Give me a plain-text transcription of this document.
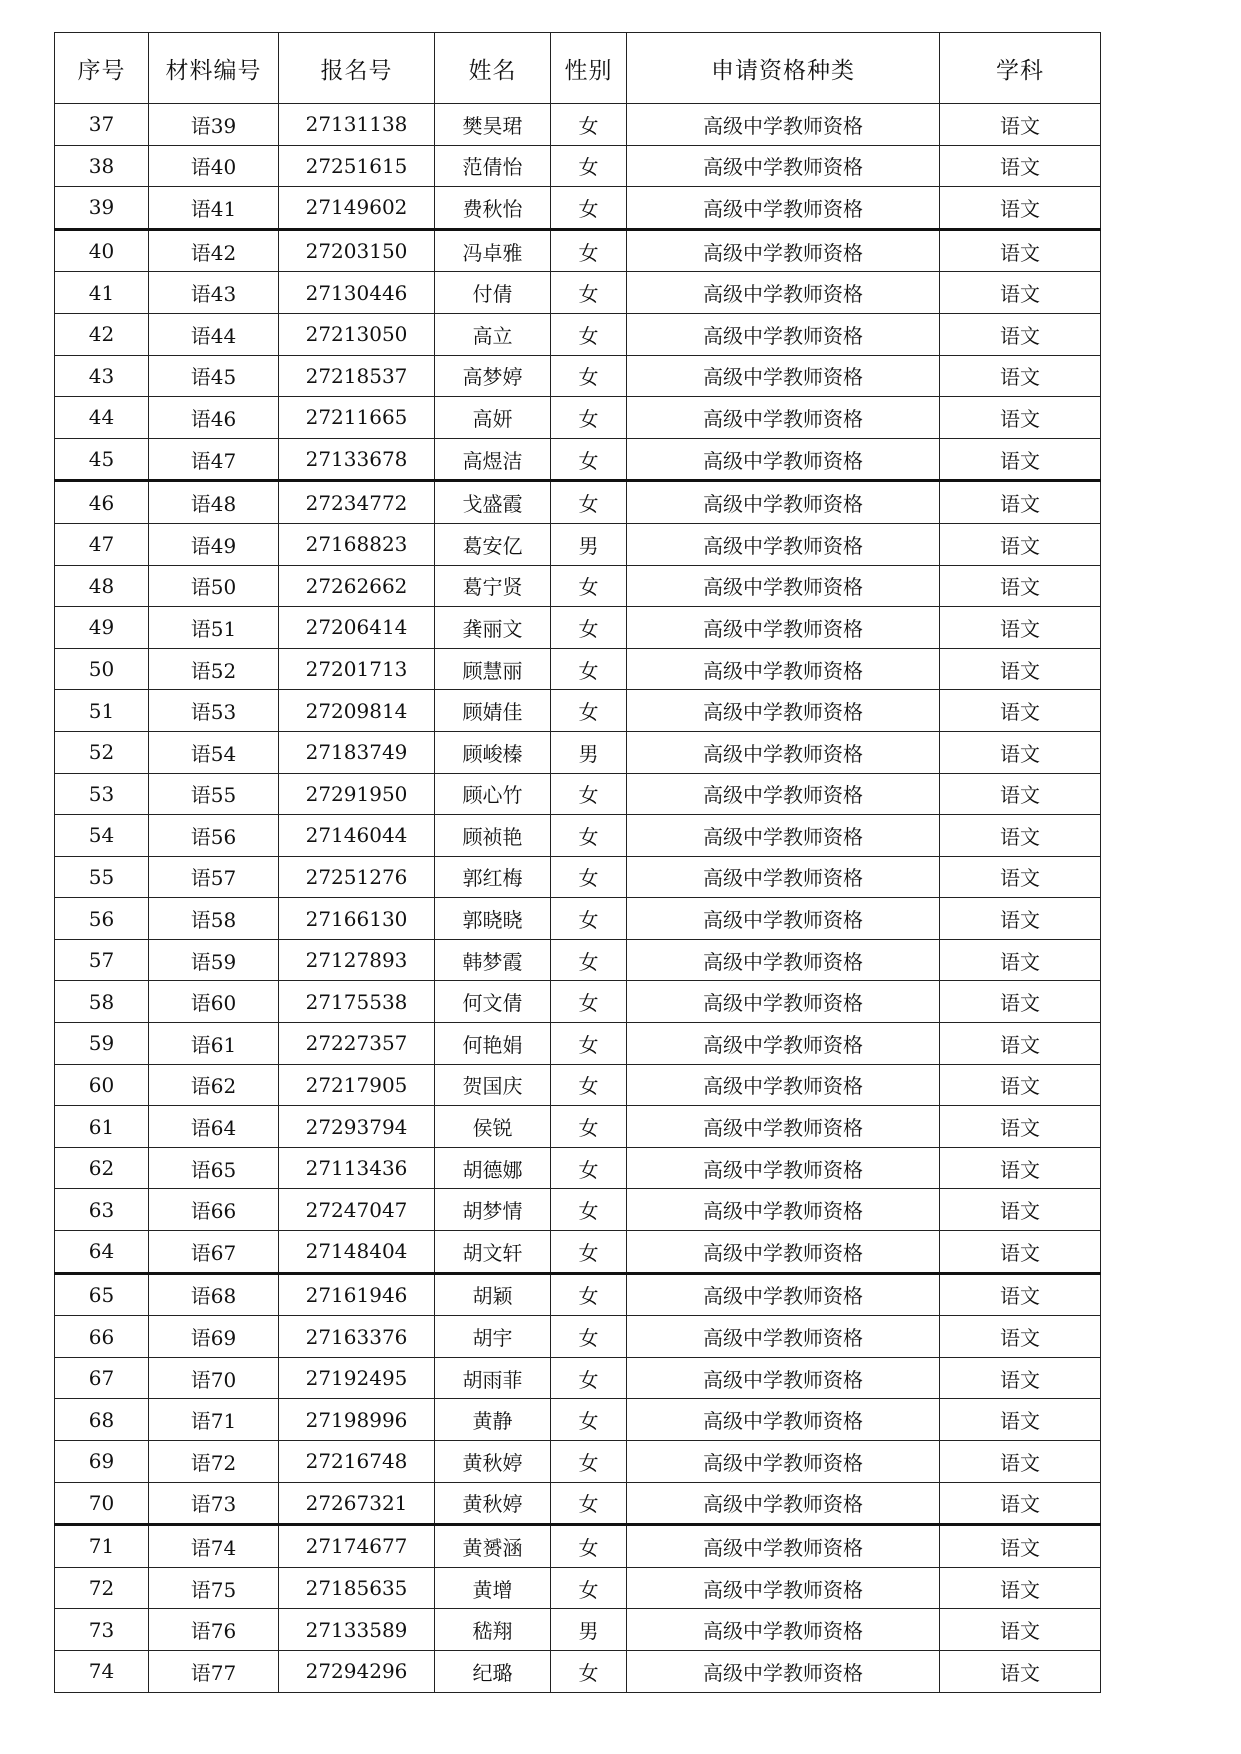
序号	材料编号	报名号	姓名	性别	申请资格种类	学科
37	语39	27131138	樊昊珺	女	高级中学教师资格	语文
38	语40	27251615	范倩怡	女	高级中学教师资格	语文
39	语41	27149602	费秋怡	女	高级中学教师资格	语文
40	语42	27203150	冯卓雅	女	高级中学教师资格	语文
41	语43	27130446	付倩	女	高级中学教师资格	语文
42	语44	27213050	高立	女	高级中学教师资格	语文
43	语45	27218537	高梦婷	女	高级中学教师资格	语文
44	语46	27211665	高妍	女	高级中学教师资格	语文
45	语47	27133678	高煜洁	女	高级中学教师资格	语文
46	语48	27234772	戈盛霞	女	高级中学教师资格	语文
47	语49	27168823	葛安亿	男	高级中学教师资格	语文
48	语50	27262662	葛宁贤	女	高级中学教师资格	语文
49	语51	27206414	龚丽文	女	高级中学教师资格	语文
50	语52	27201713	顾慧丽	女	高级中学教师资格	语文
51	语53	27209814	顾婧佳	女	高级中学教师资格	语文
52	语54	27183749	顾峻榛	男	高级中学教师资格	语文
53	语55	27291950	顾心竹	女	高级中学教师资格	语文
54	语56	27146044	顾祯艳	女	高级中学教师资格	语文
55	语57	27251276	郭红梅	女	高级中学教师资格	语文
56	语58	27166130	郭晓晓	女	高级中学教师资格	语文
57	语59	27127893	韩梦霞	女	高级中学教师资格	语文
58	语60	27175538	何文倩	女	高级中学教师资格	语文
59	语61	27227357	何艳娟	女	高级中学教师资格	语文
60	语62	27217905	贺国庆	女	高级中学教师资格	语文
61	语64	27293794	侯锐	女	高级中学教师资格	语文
62	语65	27113436	胡德娜	女	高级中学教师资格	语文
63	语66	27247047	胡梦情	女	高级中学教师资格	语文
64	语67	27148404	胡文轩	女	高级中学教师资格	语文
65	语68	27161946	胡颖	女	高级中学教师资格	语文
66	语69	27163376	胡宇	女	高级中学教师资格	语文
67	语70	27192495	胡雨菲	女	高级中学教师资格	语文
68	语71	27198996	黄静	女	高级中学教师资格	语文
69	语72	27216748	黄秋婷	女	高级中学教师资格	语文
70	语73	27267321	黄秋婷	女	高级中学教师资格	语文
71	语74	27174677	黄赟涵	女	高级中学教师资格	语文
72	语75	27185635	黄增	女	高级中学教师资格	语文
73	语76	27133589	嵇翔	男	高级中学教师资格	语文
74	语77	27294296	纪璐	女	高级中学教师资格	语文
